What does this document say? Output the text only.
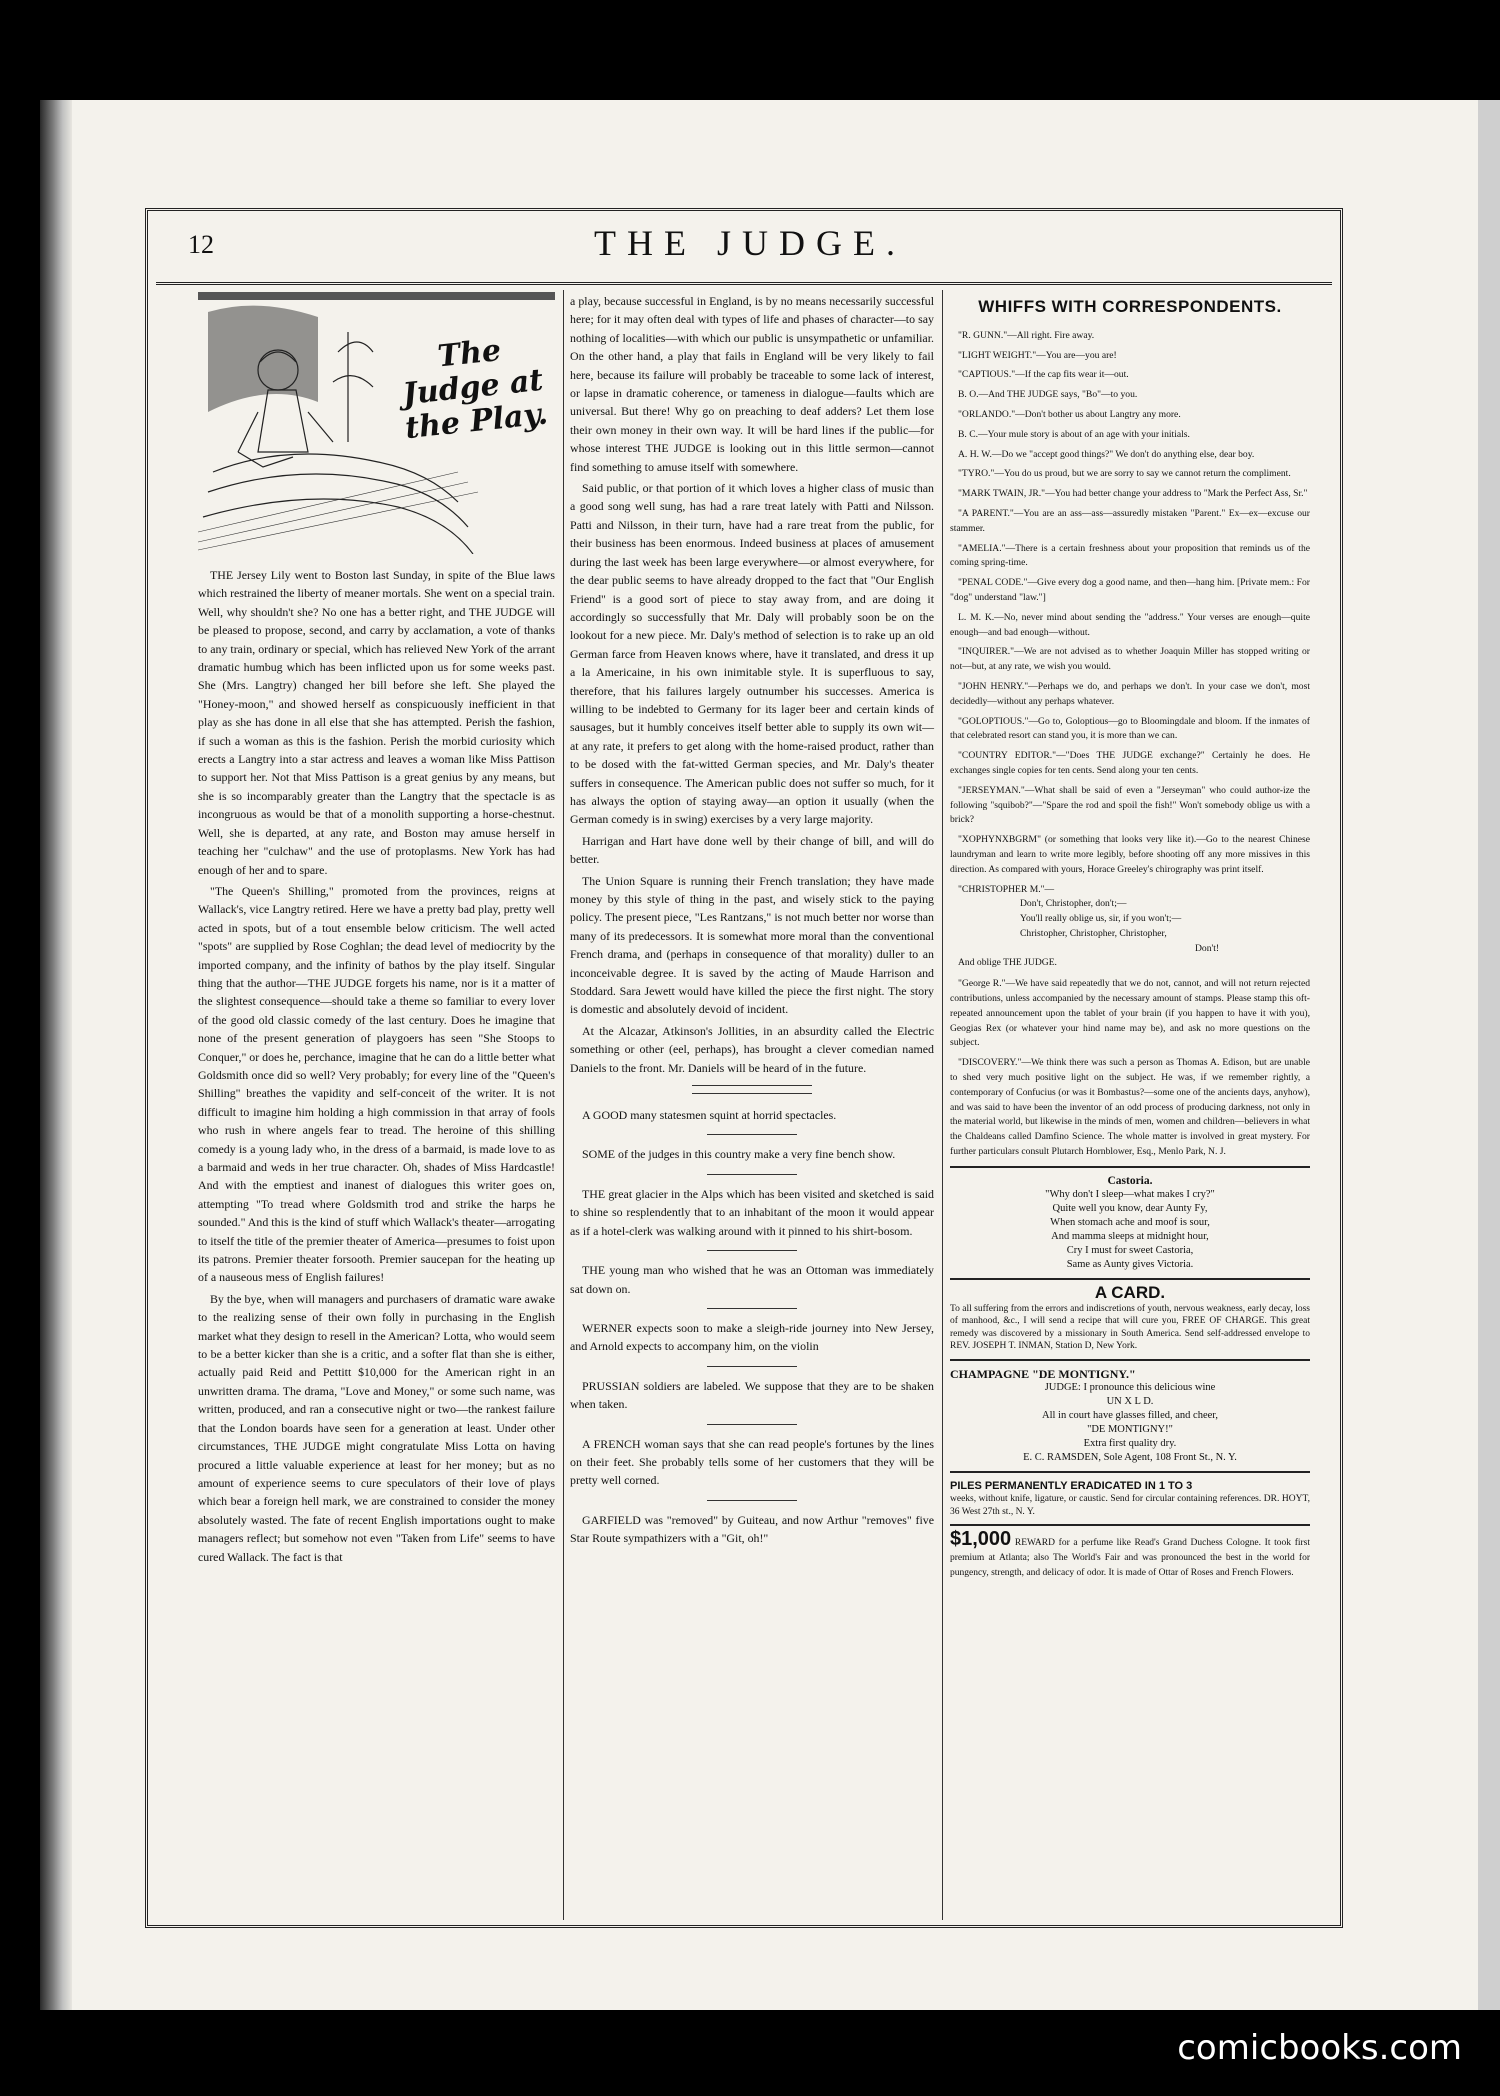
12	THE JUDGE.
The Judge at the Play.

THE Jersey Lily went to Boston last Sunday, in spite of the Blue laws which restrained the liberty of meaner mortals. She went on a special train. Well, why shouldn't she? No one has a better right, and THE JUDGE will be pleased to propose, second, and carry by acclamation, a vote of thanks to any train, ordinary or special, which has relieved New York of the arrant dramatic humbug which has been inflicted upon us for some weeks past. She (Mrs. Langtry) changed her bill before she left. She played the "Honey-moon," and showed herself as conspicuously inefficient in that play as she has done in all else that she has attempted. Perish the fashion, if such a woman as this is the fashion. Perish the morbid curiosity which erects a Langtry into a star actress and leaves a woman like Miss Pattison to support her. Not that Miss Pattison is a great genius by any means, but she is so incomparably greater than the Langtry that the spectacle is as incongruous as would be that of a monolith supporting a horse-chestnut. Well, she is departed, at any rate, and Boston may amuse herself in teaching her "culchaw" and the use of protoplasms. New York has had enough of her and to spare.

"The Queen's Shilling," promoted from the provinces, reigns at Wallack's, vice Langtry retired. Here we have a pretty bad play, pretty well acted in spots, but of a tout ensemble below criticism. The well acted "spots" are supplied by Rose Coghlan; the dead level of mediocrity by the imported company, and the infinity of bathos by the play itself. Singular thing that the author—THE JUDGE forgets his name, nor is it a matter of the slightest consequence—should take a theme so familiar to every lover of the good old classic comedy of the last century. Does he imagine that none of the present generation of playgoers has seen "She Stoops to Conquer," or does he, perchance, imagine that he can do a little better what Goldsmith once did so well? Very probably; for every line of the "Queen's Shilling" breathes the vapidity and self-conceit of the writer. It is not difficult to imagine him holding a high commission in that array of fools who rush in where angels fear to tread. The heroine of this shilling comedy is a young lady who, in the dress of a barmaid, is made love to as a barmaid and weds in her true character. Oh, shades of Miss Hardcastle! And with the emptiest and inanest of dialogues this writer goes on, attempting "To tread where Goldsmith trod and strike the harps he sounded." And this is the kind of stuff which Wallack's theater—arrogating to itself the title of the premier theater of America—presumes to foist upon its patrons. Premier theater forsooth. Premier saucepan for the heating up of a nauseous mess of English failures!

By the bye, when will managers and purchasers of dramatic ware awake to the realizing sense of their own folly in purchasing in the English market what they design to resell in the American? Lotta, who would seem to be a better kicker than she is a critic, and a softer flat than she is either, actually paid Reid and Pettitt $10,000 for the American right in an unwritten drama. The drama, "Love and Money," or some such name, was written, produced, and ran a consecutive night or two—the rankest failure that the London boards have seen for a generation at least. Under other circumstances, THE JUDGE might congratulate Miss Lotta on having procured a little valuable experience at least for her money; but as no amount of experience seems to cure speculators of their love of plays which bear a foreign hell mark, we are constrained to consider the money absolutely wasted. The fate of recent English importations ought to make managers reflect; but somehow not even "Taken from Life" seems to have cured Wallack. The fact is that

a play, because successful in England, is by no means necessarily successful here; for it may often deal with types of life and phases of character—to say nothing of localities—with which our public is unsympathetic or unfamiliar. On the other hand, a play that fails in England will be very likely to fail here, because its failure will probably be traceable to some lack of interest, or lapse in dramatic coherence, or tameness in dialogue—faults which are universal. But there! Why go on preaching to deaf adders? Let them lose their own money in their own way. It will be hard lines if the public—for whose interest THE JUDGE is looking out in this little sermon—cannot find something to amuse itself with somewhere.

Said public, or that portion of it which loves a higher class of music than a good song well sung, has had a rare treat lately with Patti and Nilsson. Patti and Nilsson, in their turn, have had a rare treat from the public, for their business has been enormous. Indeed business at places of amusement during the last week has been large everywhere—or almost everywhere, for the dear public seems to have already dropped to the fact that "Our English Friend" is a good sort of piece to stay away from, and are doing it accordingly so successfully that Mr. Daly will probably soon be on the lookout for a new piece. Mr. Daly's method of selection is to rake up an old German farce from Heaven knows where, have it translated, and dress it up a la Americaine, in his own inimitable style. It is superfluous to say, therefore, that his failures largely outnumber his successes. America is willing to be indebted to Germany for its lager beer and certain kinds of sausages, but it humbly conceives itself better able to supply its own wit—at any rate, it prefers to get along with the home-raised product, rather than to be dosed with the fat-witted German species, and Mr. Daly's theater suffers in consequence. The American public does not suffer so much, for it has always the option of staying away—an option it usually (when the German comedy is in swing) exercises by a very large majority.

Harrigan and Hart have done well by their change of bill, and will do better.

The Union Square is running their French translation; they have made money by this style of thing in the past, and wisely stick to the paying policy. The present piece, "Les Rantzans," is not much better nor worse than many of its predecessors. It is somewhat more moral than the conventional French drama, and (perhaps in consequence of that morality) duller to an inconceivable degree. It is saved by the acting of Maude Harrison and Stoddard. Sara Jewett would have killed the piece the first night. The story is domestic and absolutely devoid of incident.

At the Alcazar, Atkinson's Jollities, in an absurdity called the Electric something or other (eel, perhaps), has brought a clever comedian named Daniels to the front. Mr. Daniels will be heard of in the future.

A GOOD many statesmen squint at horrid spectacles.

SOME of the judges in this country make a very fine bench show.

THE great glacier in the Alps which has been visited and sketched is said to shine so resplendently that to an inhabitant of the moon it would appear as if a hotel-clerk was walking around with it pinned to his shirt-bosom.

THE young man who wished that he was an Ottoman was immediately sat down on.

WERNER expects soon to make a sleigh-ride journey into New Jersey, and Arnold expects to accompany him, on the violin

PRUSSIAN soldiers are labeled. We suppose that they are to be shaken when taken.

A FRENCH woman says that she can read people's fortunes by the lines on their feet. She probably tells some of her customers that they will be pretty well corned.

GARFIELD was "removed" by Guiteau, and now Arthur "removes" five Star Route sympathizers with a "Git, oh!"

WHIFFS WITH CORRESPONDENTS.

"R. GUNN."—All right. Fire away.

"LIGHT WEIGHT."—You are—you are!

"CAPTIOUS."—If the cap fits wear it—out.

B. O.—And THE JUDGE says, "Bo"—to you.

"ORLANDO."—Don't bother us about Langtry any more.

B. C.—Your mule story is about of an age with your initials.

A. H. W.—Do we "accept good things?" We don't do anything else, dear boy.

"TYRO."—You do us proud, but we are sorry to say we cannot return the compliment.

"MARK TWAIN, JR."—You had better change your address to "Mark the Perfect Ass, Sr."

"A PARENT."—You are an ass—ass—assuredly mistaken "Parent." Ex—ex—excuse our stammer.

"AMELIA."—There is a certain freshness about your proposition that reminds us of the coming spring-time.

"PENAL CODE."—Give every dog a good name, and then—hang him. [Private mem.: For "dog" understand "law."]

L. M. K.—No, never mind about sending the "address." Your verses are enough—quite enough—and bad enough—without.

"INQUIRER."—We are not advised as to whether Joaquin Miller has stopped writing or not—but, at any rate, we wish you would.

"JOHN HENRY."—Perhaps we do, and perhaps we don't. In your case we don't, most decidedly—without any perhaps whatever.

"GOLOPTIOUS."—Go to, Goloptious—go to Bloomingdale and bloom. If the inmates of that celebrated resort can stand you, it is more than we can.

"COUNTRY EDITOR."—"Does THE JUDGE exchange?" Certainly he does. He exchanges single copies for ten cents. Send along your ten cents.

"JERSEYMAN."—What shall be said of even a "Jerseyman" who could author-ize the following "squibob?"—"Spare the rod and spoil the fish!" Won't somebody oblige us with a brick?

"XOPHYNXBGRM" (or something that looks very like it).—Go to the nearest Chinese laundryman and learn to write more legibly, before shooting off any more missives in this direction. As compared with yours, Horace Greeley's chirography was print itself.

"CHRISTOPHER M."—
Don't, Christopher, don't;—
You'll really oblige us, sir, if you won't;—
Christopher, Christopher, Christopher,
Don't!
And oblige THE JUDGE.

"George R."—We have said repeatedly that we do not, cannot, and will not return rejected contributions, unless accompanied by the necessary amount of stamps. Please stamp this oft-repeated announcement upon the tablet of your brain (if you happen to have it with you), Geogias Rex (or whatever your hind name may be), and ask no more questions on the subject.

"DISCOVERY."—We think there was such a person as Thomas A. Edison, but are unable to shed very much positive light on the subject. He was, if we remember rightly, a contemporary of Confucius (or was it Bombastus?—some one of the ancients days, anyhow), and was said to have been the inventor of an odd process of producing darkness, not only in the material world, but likewise in the minds of men, women and children—believers in what the Chaldeans called Damfino Science. The whole matter is involved in great mystery. For further particulars consult Plutarch Hornblower, Esq., Menlo Park, N. J.

Castoria.
"Why don't I sleep—what makes I cry?"
Quite well you know, dear Aunty Fy,
When stomach ache and moof is sour,
And mamma sleeps at midnight hour,
Cry I must for sweet Castoria,
Same as Aunty gives Victoria.
A CARD.
To all suffering from the errors and indiscretions of youth, nervous weakness, early decay, loss of manhood, &c., I will send a recipe that will cure you, FREE OF CHARGE. This great remedy was discovered by a missionary in South America. Send self-addressed envelope to REV. JOSEPH T. INMAN, Station D, New York.
CHAMPAGNE "DE MONTIGNY."
JUDGE: I pronounce this delicious wine
UN X L D.
All in court have glasses filled, and cheer,
"DE MONTIGNY!"
Extra first quality dry.
E. C. RAMSDEN, Sole Agent, 108 Front St., N. Y.
PILES PERMANENTLY ERADICATED IN 1 TO 3
weeks, without knife, ligature, or caustic. Send for circular containing references. DR. HOYT, 36 West 27th st., N. Y.
$1,000 REWARD for a perfume like Read's Grand Duchess Cologne. It took first premium at Atlanta; also The World's Fair and was pronounced the best in the world for pungency, strength, and delicacy of odor. It is made of Ottar of Roses and French Flowers.
comicbooks.com
